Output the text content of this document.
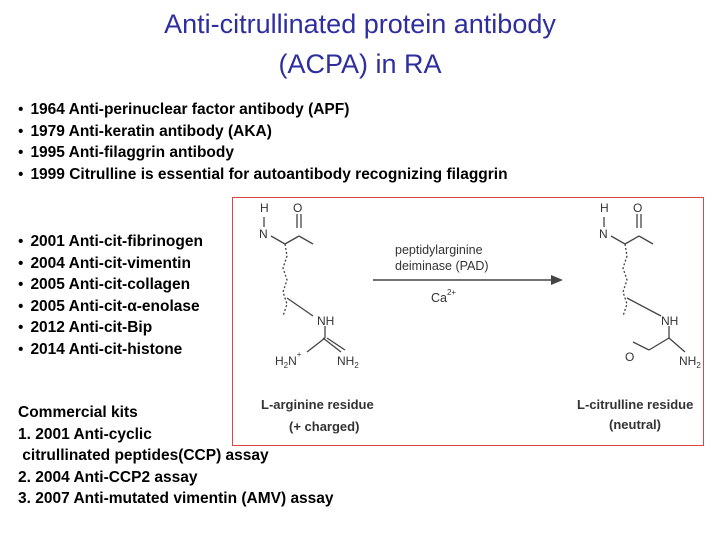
Anti-citrullinated protein antibody
(ACPA) in RA
• 1964 Anti-perinuclear factor antibody (APF)
• 1979 Anti-keratin antibody (AKA)
• 1995 Anti-filaggrin antibody
• 1999 Citrulline is essential for autoantibody recognizing filaggrin
H
N
O
NH
$H_2N^+$	$NH_2$
peptidylarginine
deiminase (PAD)
$Ca^{2+}$
H
N
O
NH
O	$NH_2$
L-arginine residue
(+ charged)
L-citrulline residue
(neutral)
• 2001 Anti-cit-fibrinogen
• 2004 Anti-cit-vimentin
• 2005 Anti-cit-collagen
• 2005 Anti-cit-α-enolase
• 2012 Anti-cit-Bip
• 2014 Anti-cit-histone
Commercial kits
1. 2001 Anti-cyclic
citrullinated peptides(CCP) assay
2. 2004 Anti-CCP2 assay
3. 2007 Anti-mutated vimentin (AMV) assay
